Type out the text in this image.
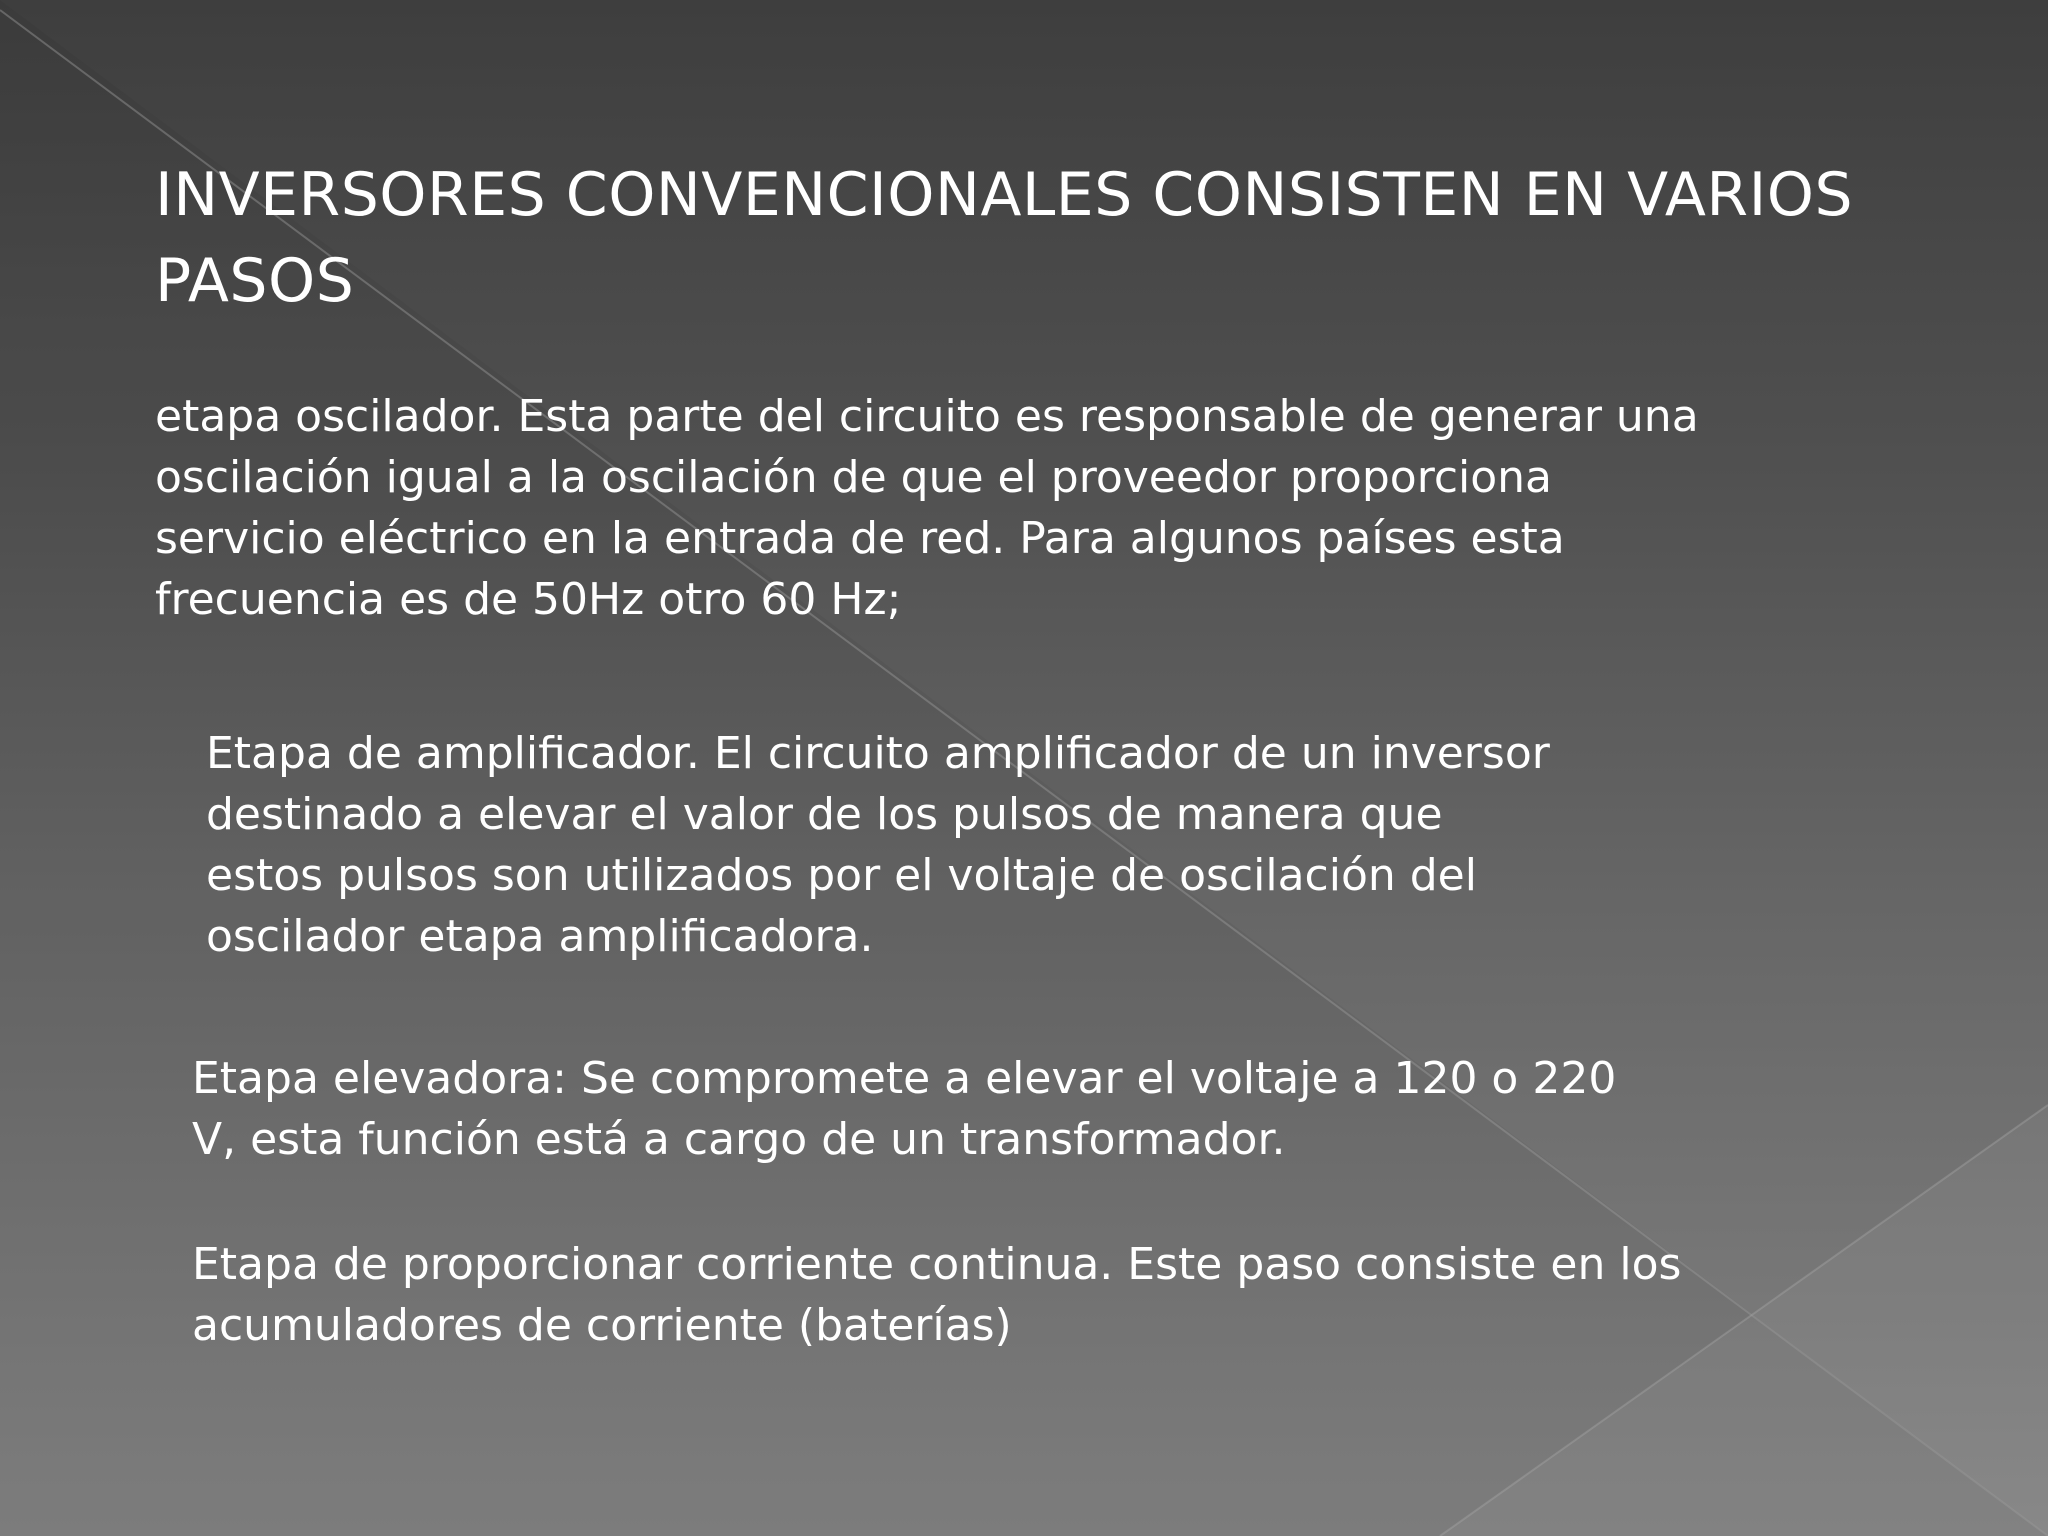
INVERSORES CONVENCIONALES CONSISTEN EN VARIOS PASOS

etapa oscilador. Esta parte del circuito es responsable de generar una
oscilación igual a la oscilación de que el proveedor proporciona
servicio eléctrico en la entrada de red. Para algunos países esta
frecuencia es de 50Hz otro 60 Hz;

Etapa de amplificador. El circuito amplificador de un inversor
destinado a elevar el valor de los pulsos de manera que
estos pulsos son utilizados por el voltaje de oscilación del
oscilador etapa amplificadora.

Etapa elevadora: Se compromete a elevar el voltaje a 120 o 220
V, esta función está a cargo de un transformador.

Etapa de proporcionar corriente continua. Este paso consiste en los
acumuladores de corriente (baterías)
